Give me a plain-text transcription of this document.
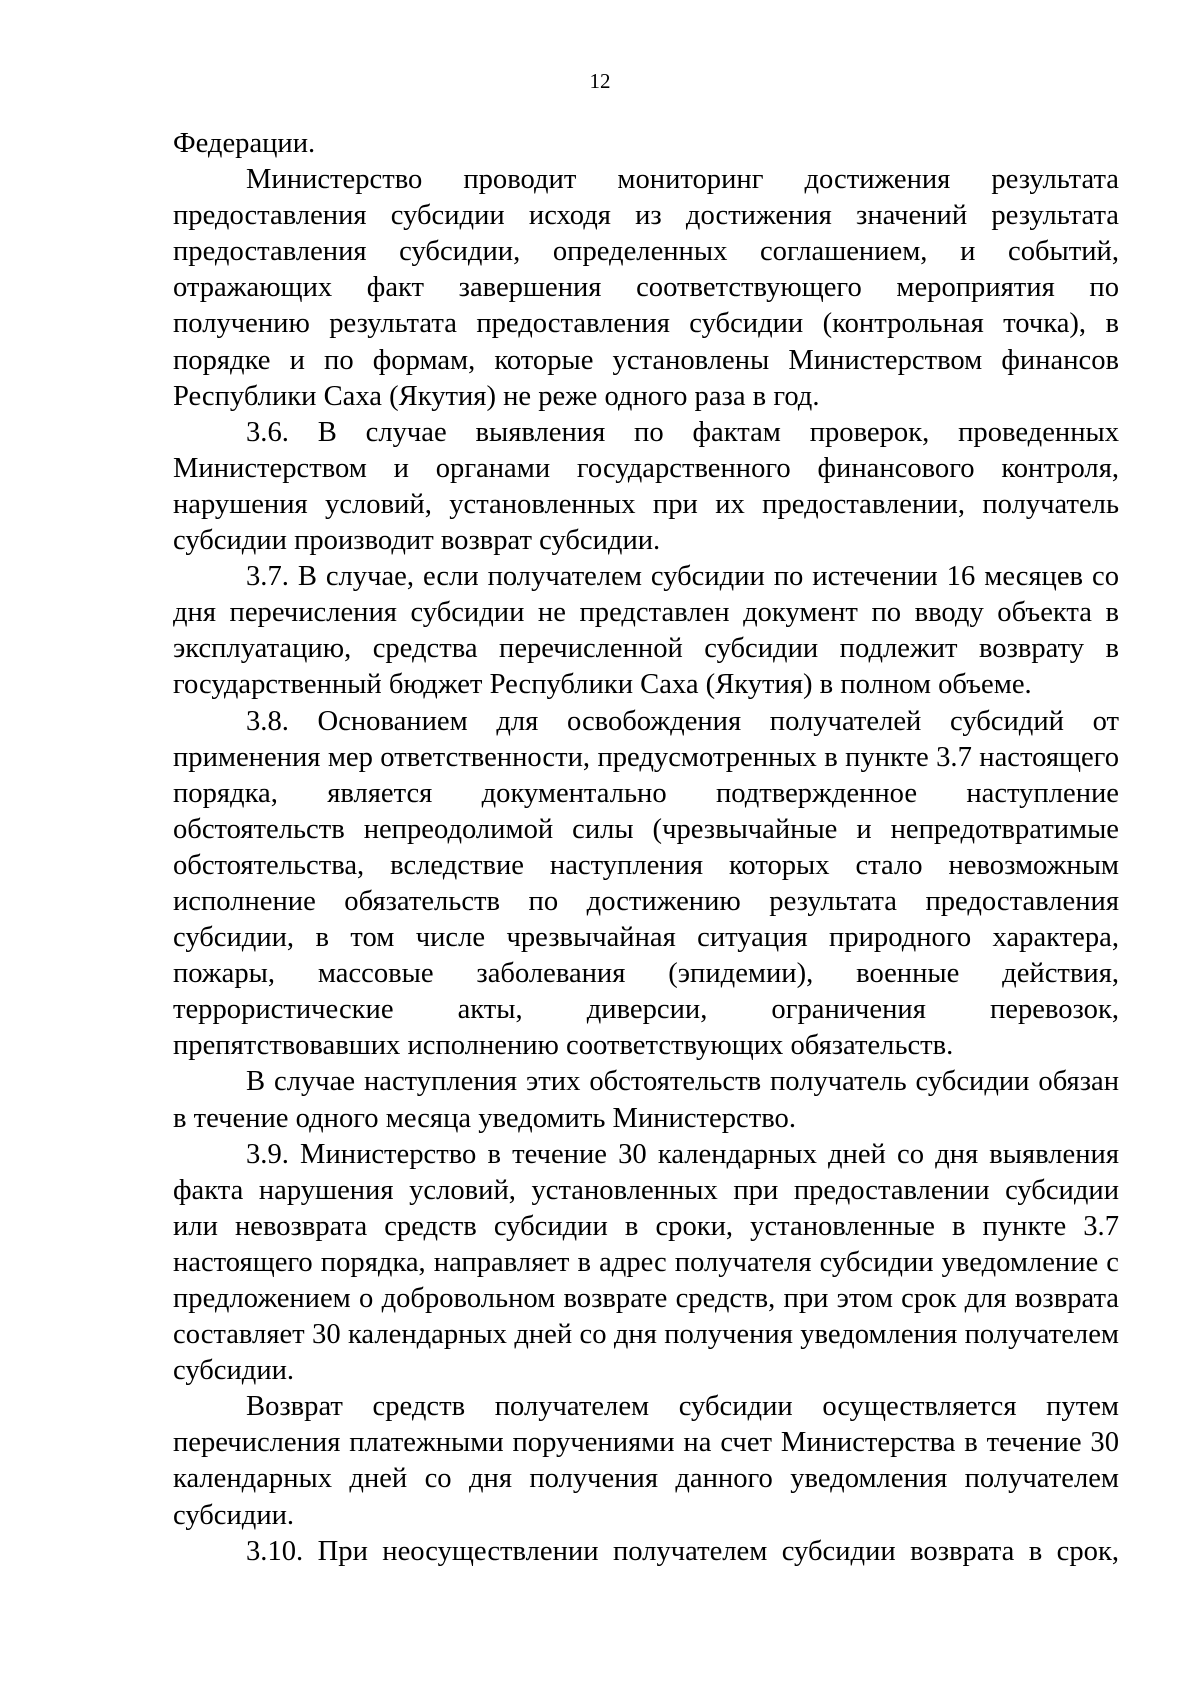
12

Федерации.

Министерство проводит мониторинг достижения результата предоставления субсидии исходя из достижения значений результата предоставления субсидии, определенных соглашением, и событий, отражающих факт завершения соответствующего мероприятия по получению результата предоставления субсидии (контрольная точка), в порядке и по формам, которые установлены Министерством финансов Республики Саха (Якутия) не реже одного раза в год.

3.6. В случае выявления по фактам проверок, проведенных Министерством и органами государственного финансового контроля, нарушения условий, установленных при их предоставлении, получатель субсидии производит возврат субсидии.

3.7. В случае, если получателем субсидии по истечении 16 месяцев со дня перечисления субсидии не представлен документ по вводу объекта в эксплуатацию, средства перечисленной субсидии подлежит возврату в государственный бюджет Республики Саха (Якутия) в полном объеме.

3.8. Основанием для освобождения получателей субсидий от применения мер ответственности, предусмотренных в пункте 3.7 настоящего порядка, является документально подтвержденное наступление обстоятельств непреодолимой силы (чрезвычайные и непредотвратимые обстоятельства, вследствие наступления которых стало невозможным исполнение обязательств по достижению результата предоставления субсидии, в том числе чрезвычайная ситуация природного характера, пожары, массовые заболевания (эпидемии), военные действия, террористические акты, диверсии, ограничения перевозок, препятствовавших исполнению соответствующих обязательств.

В случае наступления этих обстоятельств получатель субсидии обязан в течение одного месяца уведомить Министерство.

3.9. Министерство в течение 30 календарных дней со дня выявления факта нарушения условий, установленных при предоставлении субсидии или невозврата средств субсидии в сроки, установленные в пункте 3.7 настоящего порядка, направляет в адрес получателя субсидии уведомление с предложением о добровольном возврате средств, при этом срок для возврата составляет 30 календарных дней со дня получения уведомления получателем субсидии.

Возврат средств получателем субсидии осуществляется путем перечисления платежными поручениями на счет Министерства в течение 30 календарных дней со дня получения данного уведомления получателем субсидии.

3.10. При неосуществлении получателем субсидии возврата в срок,
